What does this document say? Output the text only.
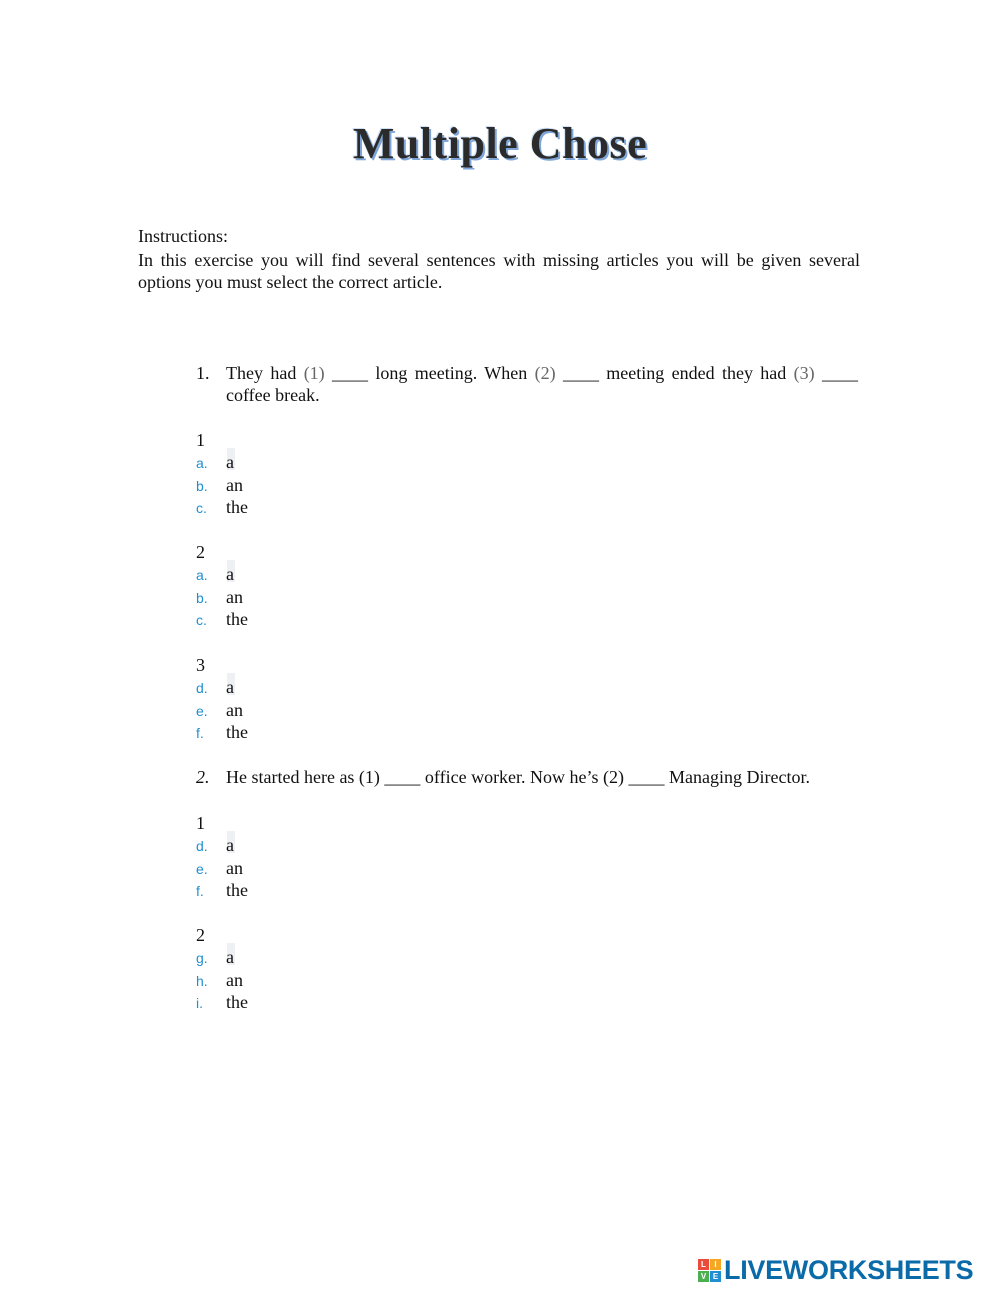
Multiple Chose
Instructions:
In this exercise you will find several sentences with missing articles you will be given several options you must select the correct article.
1. They had (1) ____ long meeting. When (2) ____ meeting ended they had (3) ____ coffee break.
1
a. a
b. an
c. the
2
a. a
b. an
c. the
3
d. a
e. an
f. the
2. He started here as (1) ____ office worker. Now he’s (2) ____ Managing Director.
1
d. a
e. an
f. the
2
g. a
h. an
i. the
L	I
V E LIVEWORKSHEETS
